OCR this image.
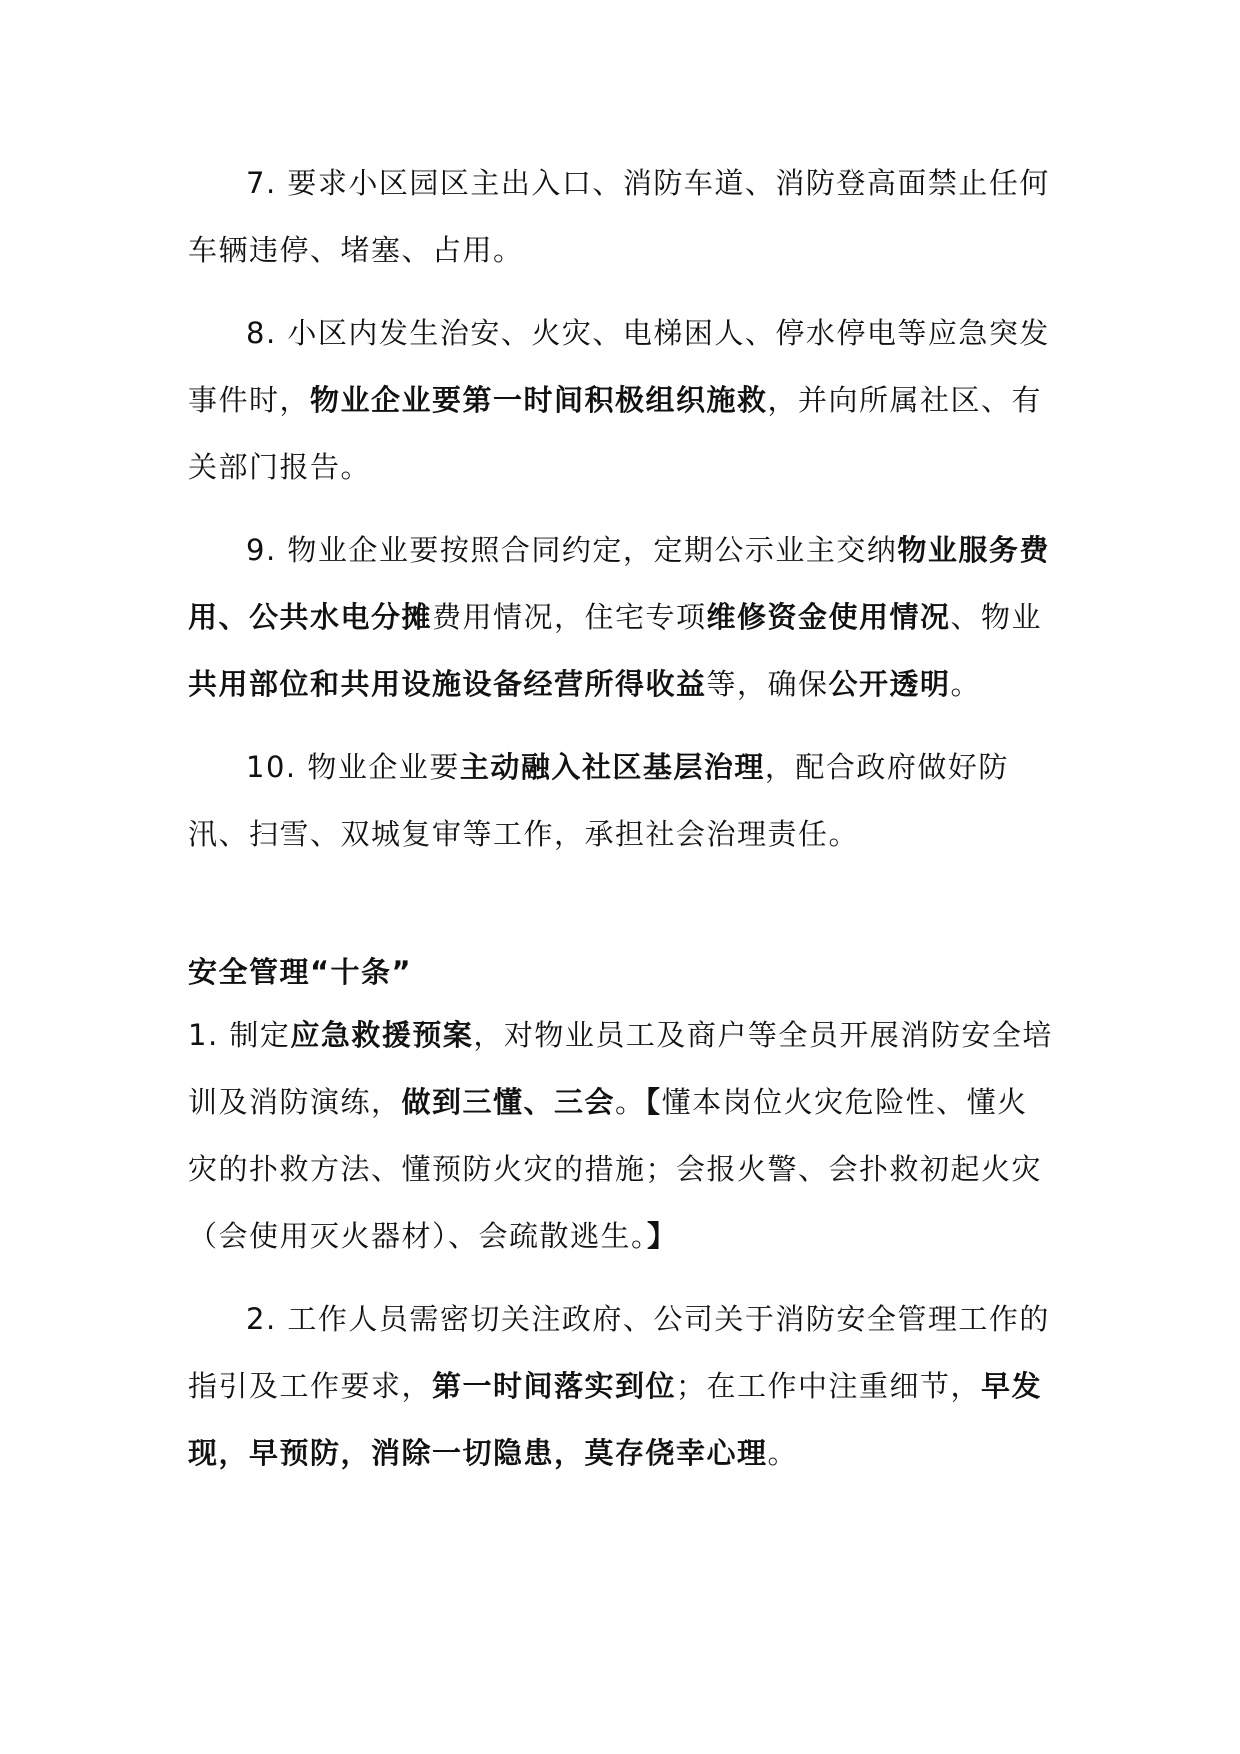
7. 要求小区园区主出入口、消防车道、消防登高面禁止任何车辆违停、堵塞、占用。

8. 小区内发生治安、火灾、电梯困人、停水停电等应急突发事件时，物业企业要第一时间积极组织施救，并向所属社区、有关部门报告。

9. 物业企业要按照合同约定，定期公示业主交纳物业服务费用、公共水电分摊费用情况，住宅专项维修资金使用情况、物业共用部位和共用设施设备经营所得收益等，确保公开透明。

10. 物业企业要主动融入社区基层治理，配合政府做好防汛、扫雪、双城复审等工作，承担社会治理责任。

安全管理“十条”

1. 制定应急救援预案，对物业员工及商户等全员开展消防安全培训及消防演练，做到三懂、三会。【懂本岗位火灾危险性、懂火灾的扑救方法、懂预防火灾的措施；会报火警、会扑救初起火灾（会使用灭火器材）、会疏散逃生。】

2. 工作人员需密切关注政府、公司关于消防安全管理工作的指引及工作要求，第一时间落实到位；在工作中注重细节，早发现，早预防，消除一切隐患，莫存侥幸心理。
